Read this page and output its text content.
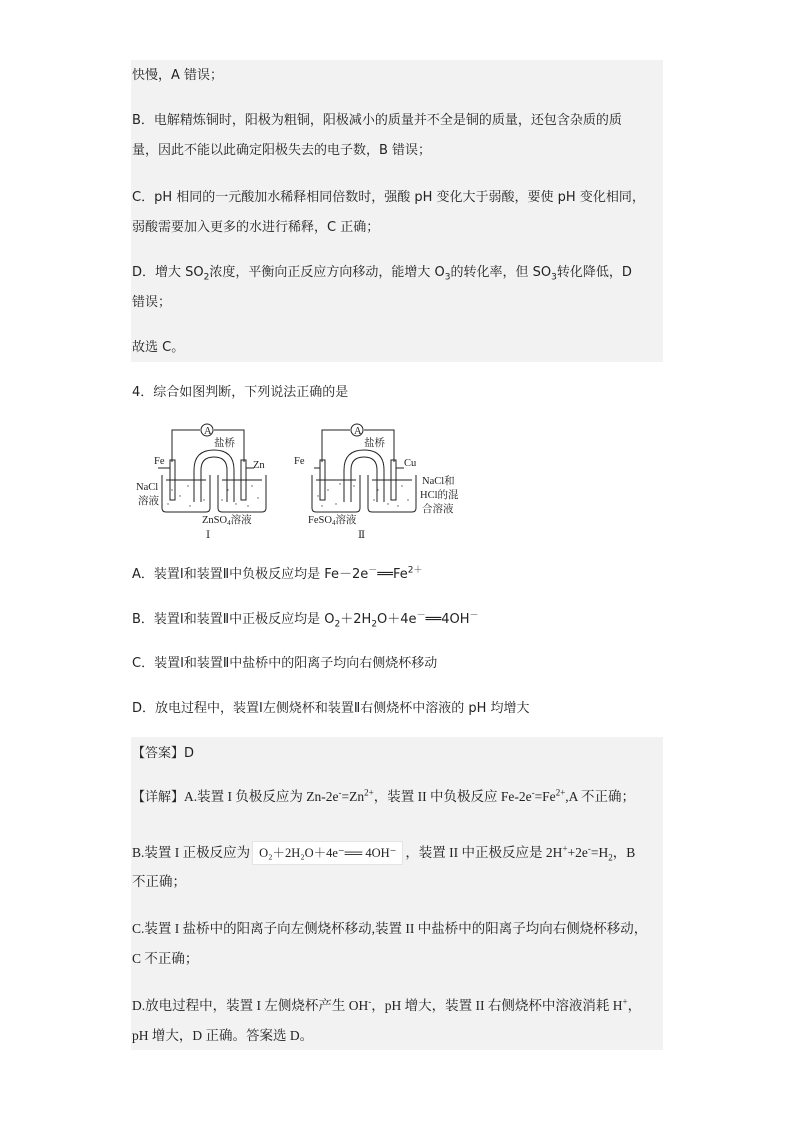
快慢，A 错误；
B．电解精炼铜时，阳极为粗铜，阳极减小的质量并不全是铜的质量，还包含杂质的质
量，因此不能以此确定阳极失去的电子数，B 错误；
C．pH 相同的一元酸加水稀释相同倍数时，强酸 pH 变化大于弱酸，要使 pH 变化相同，
弱酸需要加入更多的水进行稀释，C 正确；
D．增大 $SO_2$浓度，平衡向正反应方向移动，能增大 $O_3$的转化率，但 $SO_3$转化降低，D
错误；
故选 C。
4．综合如图判断，下列说法正确的是
A
盐桥
Fe	Zn
NaCl
溶液
ZnSO4溶液
Ⅰ
A
盐桥
Fe	Cu
FeSO4溶液
NaCl和
HCl的混
合溶液
Ⅱ
A．装置Ⅰ和装置Ⅱ中负极反应均是 $Fe-2e^-══Fe^{2+}$
B．装置Ⅰ和装置Ⅱ中正极反应均是 $O_2+2H_2O+4e^-══4OH^-$
C．装置Ⅰ和装置Ⅱ中盐桥中的阳离子均向右侧烧杯移动
D．放电过程中，装置Ⅰ左侧烧杯和装置Ⅱ右侧烧杯中溶液的 pH 均增大
【答案】D
【详解】A.装置 I 负极反应为 $Zn-2e^-=Zn^{2+}$，装置 II 中负极反应 $Fe-2e^-=Fe^{2+},A$ 不正确；
B.装置 I 正极反应为 O₂＋2H₂O＋4e⁻══ 4OH⁻ ，装置 II 中正极反应是 $2H^++2e^-=H_2$，B
不正确；
C.装置 I 盐桥中的阳离子向左侧烧杯移动,装置 II 中盐桥中的阳离子均向右侧烧杯移动，
C 不正确；
D.放电过程中，装置 I 左侧烧杯产生 OH-，pH 增大，装置 II 右侧烧杯中溶液消耗 H+，
pH 增大，D 正确。答案选 D。
